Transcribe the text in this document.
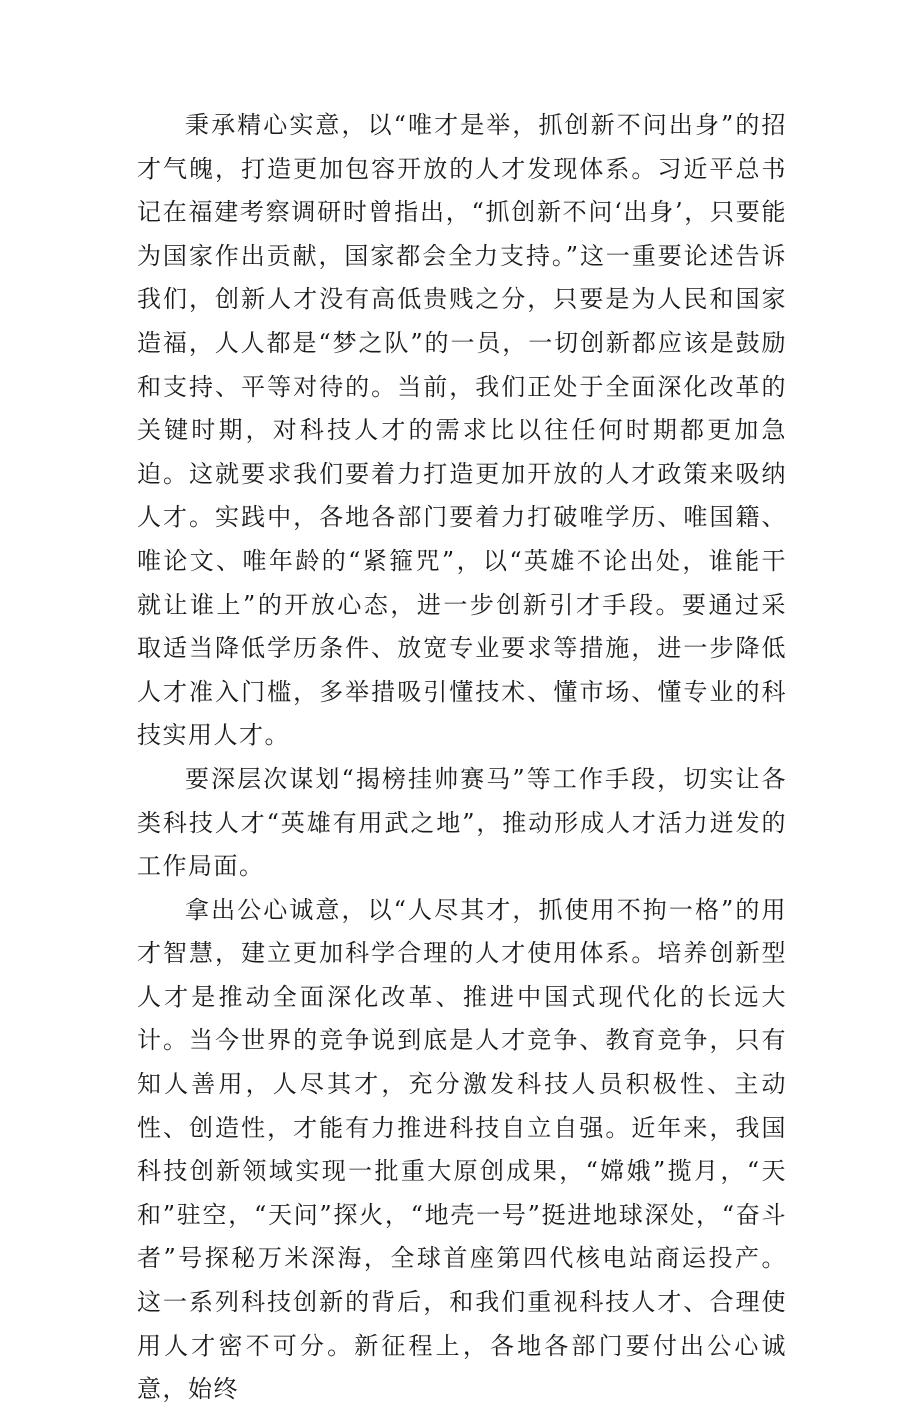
秉承精心实意，以“唯才是举，抓创新不问出身”的招才气魄，打造更加包容开放的人才发现体系。习近平总书记在福建考察调研时曾指出，“抓创新不问‘出身’，只要能为国家作出贡献，国家都会全力支持。”这一重要论述告诉我们，创新人才没有高低贵贱之分，只要是为人民和国家造福，人人都是“梦之队”的一员，一切创新都应该是鼓励和支持、平等对待的。当前，我们正处于全面深化改革的关键时期，对科技人才的需求比以往任何时期都更加急迫。这就要求我们要着力打造更加开放的人才政策来吸纳人才。实践中，各地各部门要着力打破唯学历、唯国籍、唯论文、唯年龄的“紧箍咒”，以“英雄不论出处，谁能干就让谁上”的开放心态，进一步创新引才手段。要通过采取适当降低学历条件、放宽专业要求等措施，进一步降低人才准入门槛，多举措吸引懂技术、懂市场、懂专业的科技实用人才。

要深层次谋划“揭榜挂帅赛马”等工作手段，切实让各类科技人才“英雄有用武之地”，推动形成人才活力迸发的工作局面。

拿出公心诚意，以“人尽其才，抓使用不拘一格”的用才智慧，建立更加科学合理的人才使用体系。培养创新型人才是推动全面深化改革、推进中国式现代化的长远大计。当今世界的竞争说到底是人才竞争、教育竞争，只有知人善用，人尽其才，充分激发科技人员积极性、主动性、创造性，才能有力推进科技自立自强。近年来，我国科技创新领域实现一批重大原创成果，“嫦娥”揽月，“天和”驻空，“天问”探火，“地壳一号”挺进地球深处，“奋斗者”号探秘万米深海，全球首座第四代核电站商运投产。这一系列科技创新的背后，和我们重视科技人才、合理使用人才密不可分。新征程上，各地各部门要付出公心诚意，始终
